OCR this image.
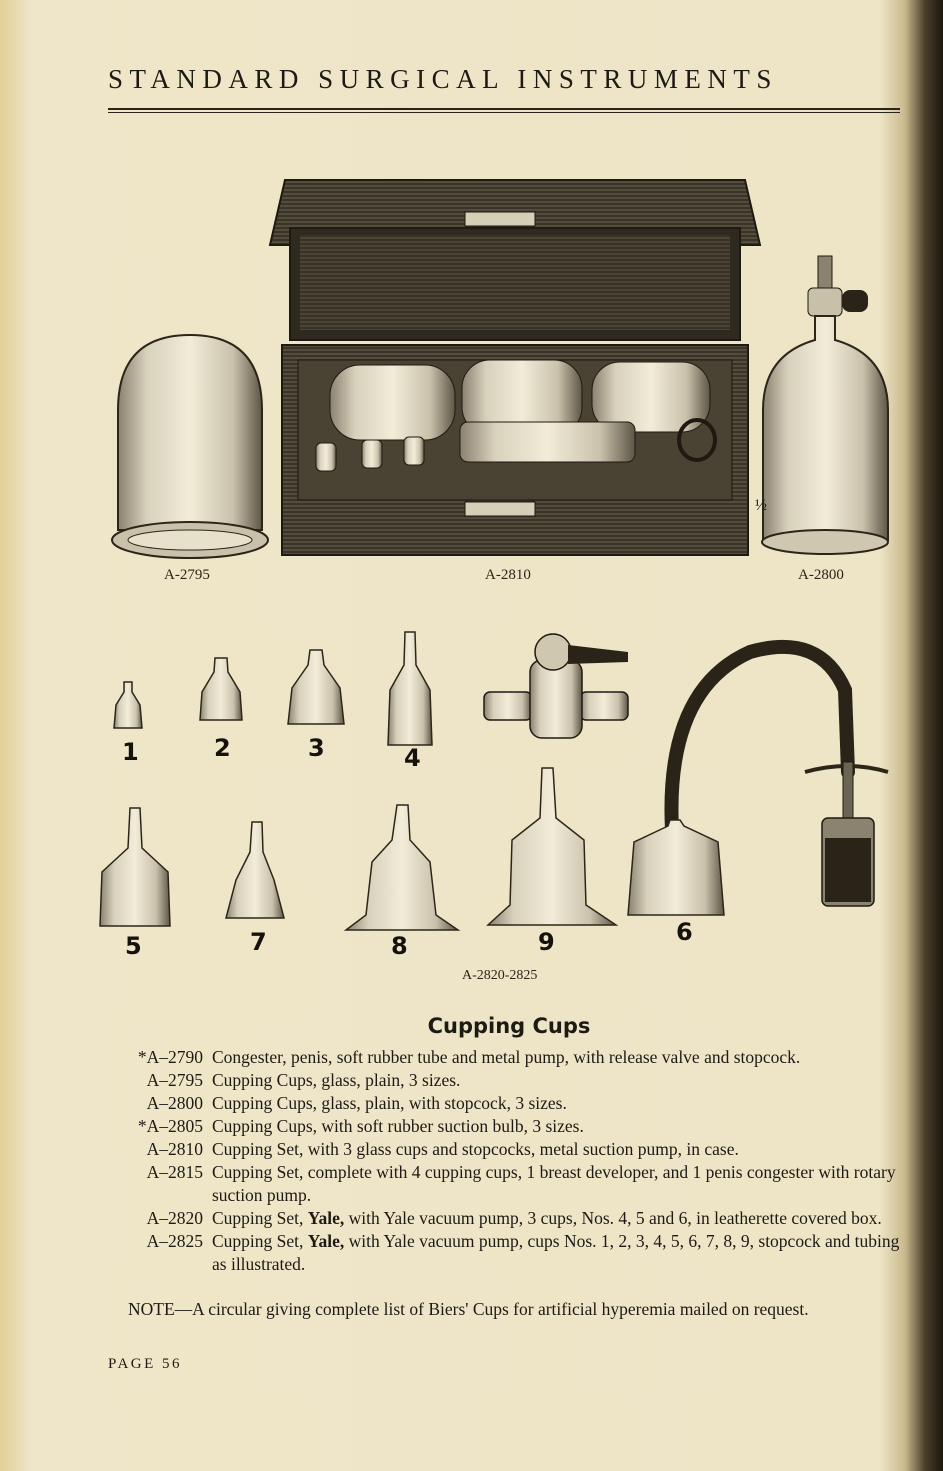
STANDARD SURGICAL INSTRUMENTS
½
A-2795	A-2810	A-2800
1	2	3	4
5	7	8	9	6
A-2820-2825
Cupping Cups
*A–2790 Congester, penis, soft rubber tube and metal pump, with release valve and stopcock.
A–2795 Cupping Cups, glass, plain, 3 sizes.
A–2800 Cupping Cups, glass, plain, with stopcock, 3 sizes.
*A–2805 Cupping Cups, with soft rubber suction bulb, 3 sizes.
A–2810 Cupping Set, with 3 glass cups and stopcocks, metal suction pump, in case.
A–2815 Cupping Set, complete with 4 cupping cups, 1 breast developer, and 1 penis congester with rotary suction pump.
A–2820 Cupping Set, Yale, with Yale vacuum pump, 3 cups, Nos. 4, 5 and 6, in leatherette covered box.
A–2825 Cupping Set, Yale, with Yale vacuum pump, cups Nos. 1, 2, 3, 4, 5, 6, 7, 8, 9, stopcock and tubing as illustrated.
NOTE—A circular giving complete list of Biers' Cups for artificial hyperemia mailed on request.
PAGE 56
